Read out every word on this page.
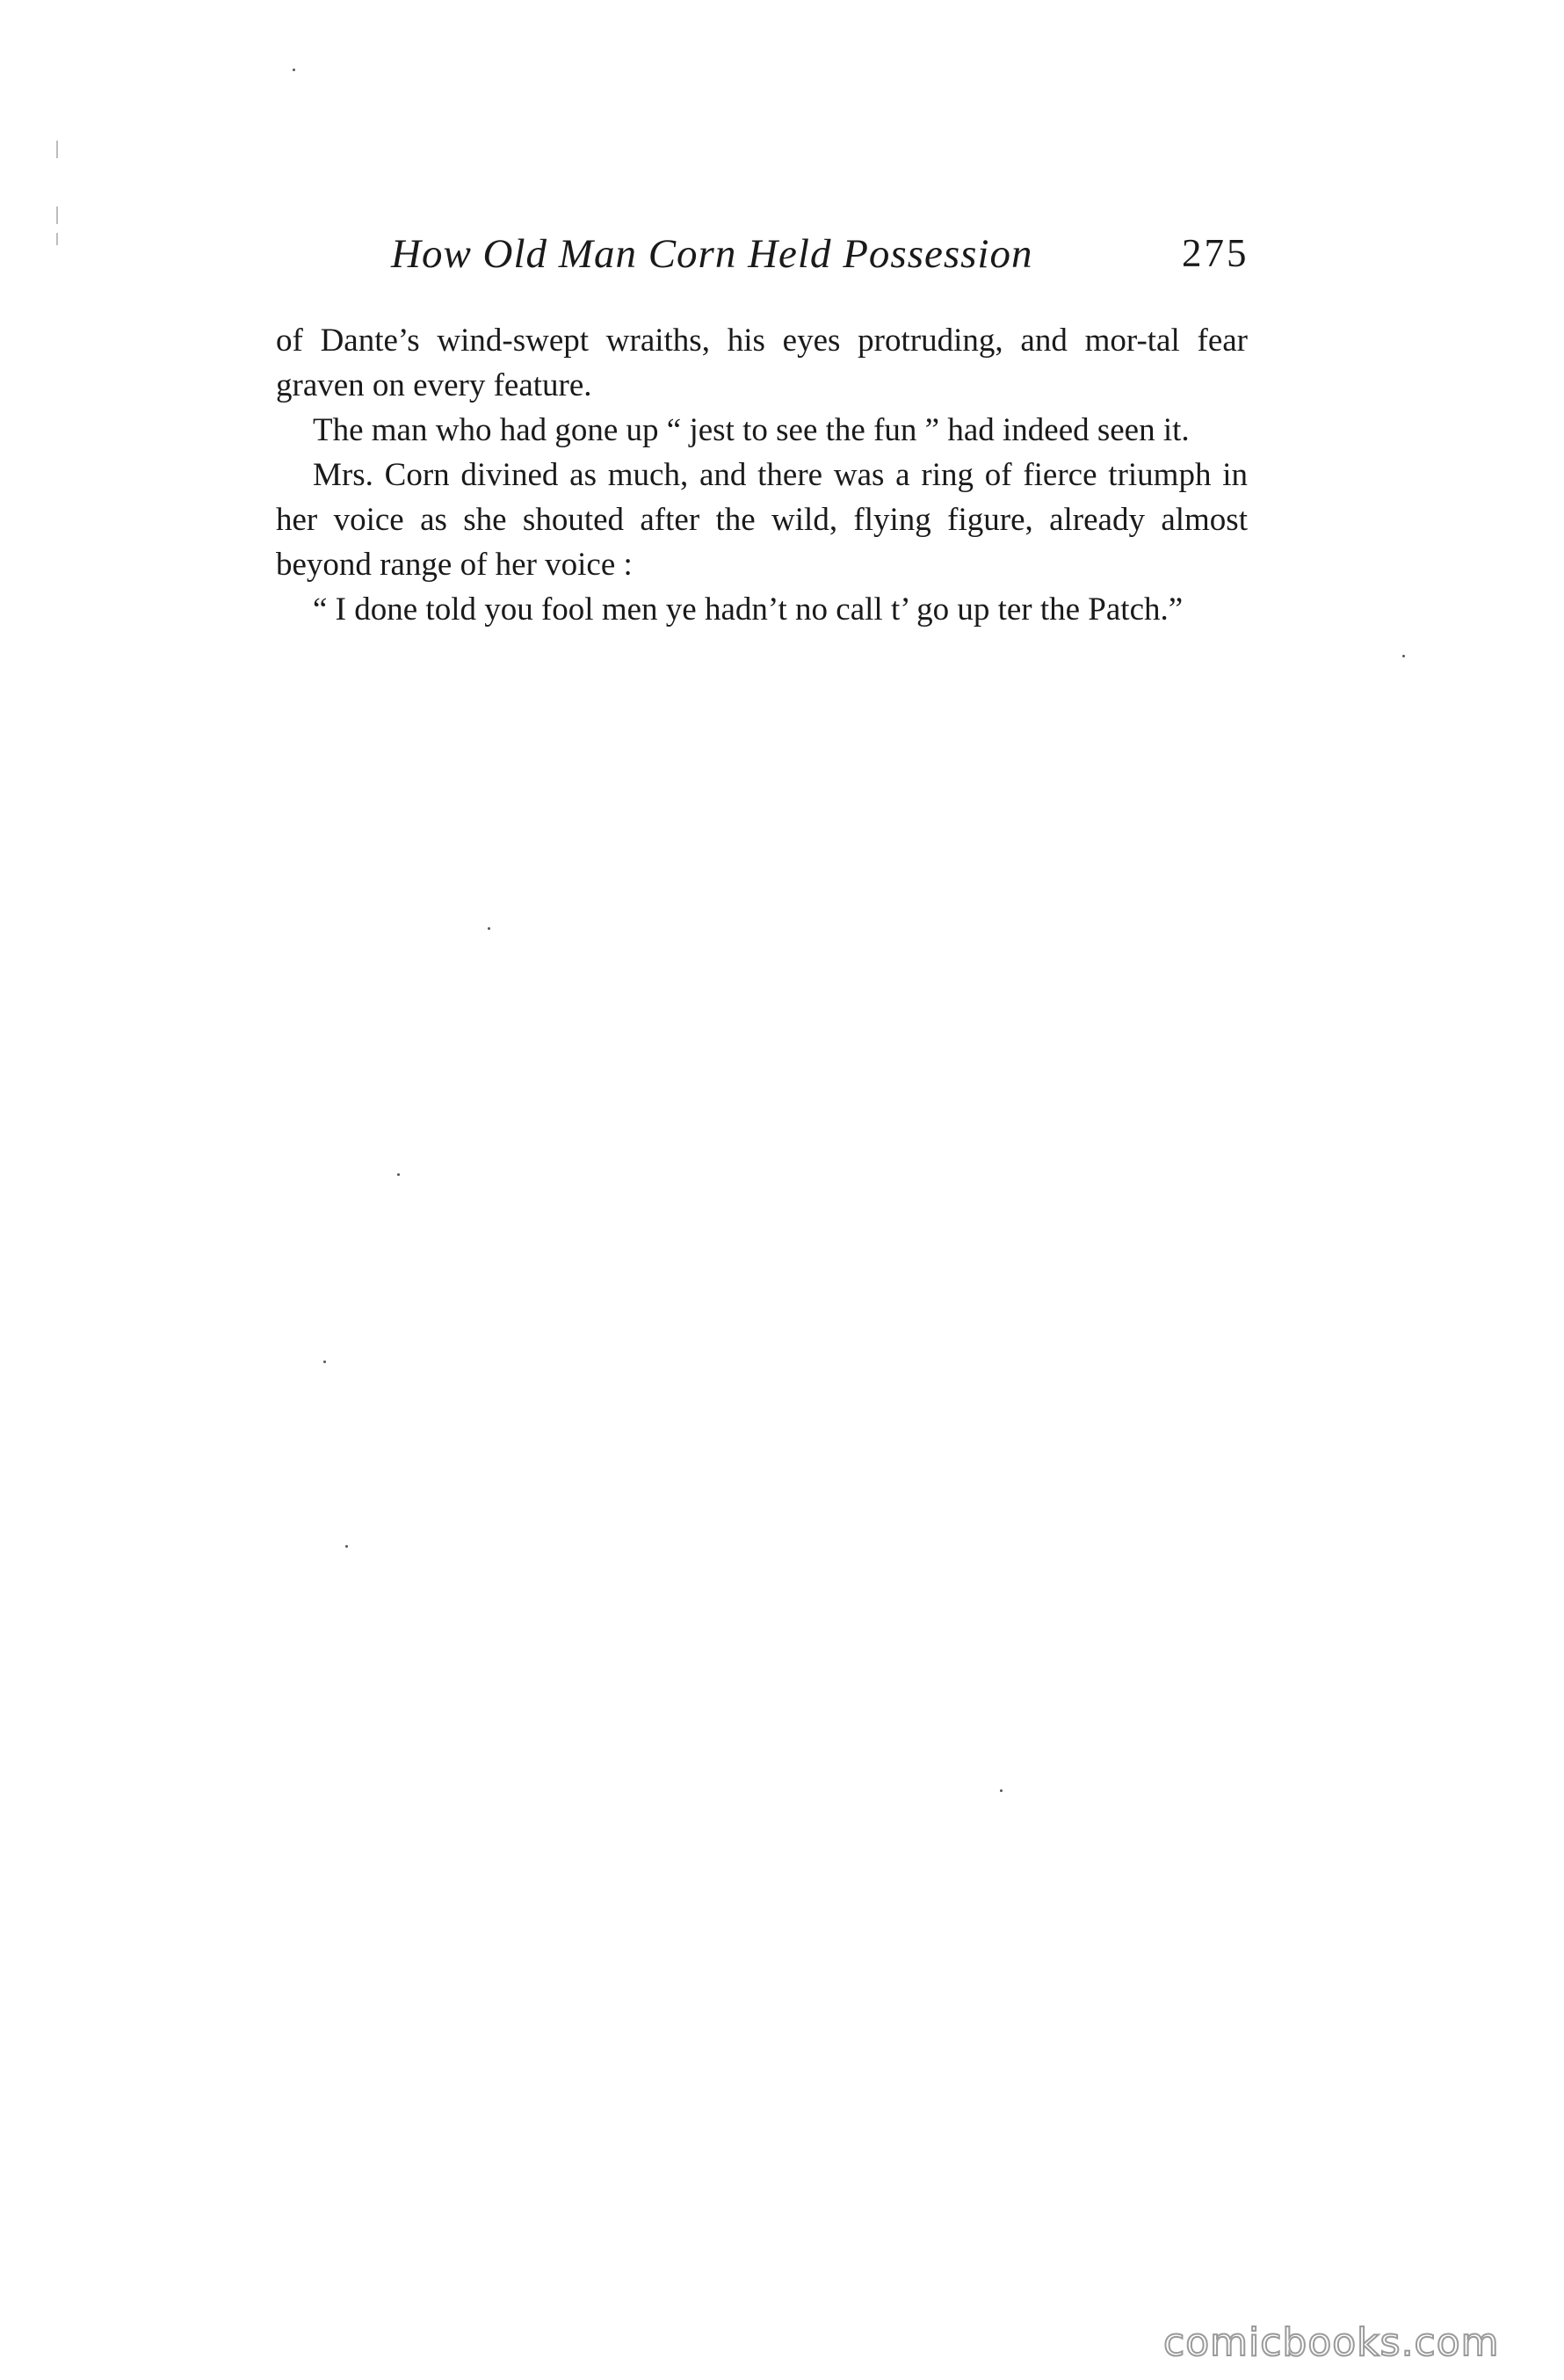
How Old Man Corn Held Possession	275

of Dante’s wind-swept wraiths, his eyes protruding, and mor-tal fear graven on every feature.

The man who had gone up “ jest to see the fun ” had indeed seen it.

Mrs. Corn divined as much, and there was a ring of fierce triumph in her voice as she shouted after the wild, flying figure, already almost beyond range of her voice :

“ I done told you fool men ye hadn’t no call t’ go up ter the Patch.”

comicbooks.com
